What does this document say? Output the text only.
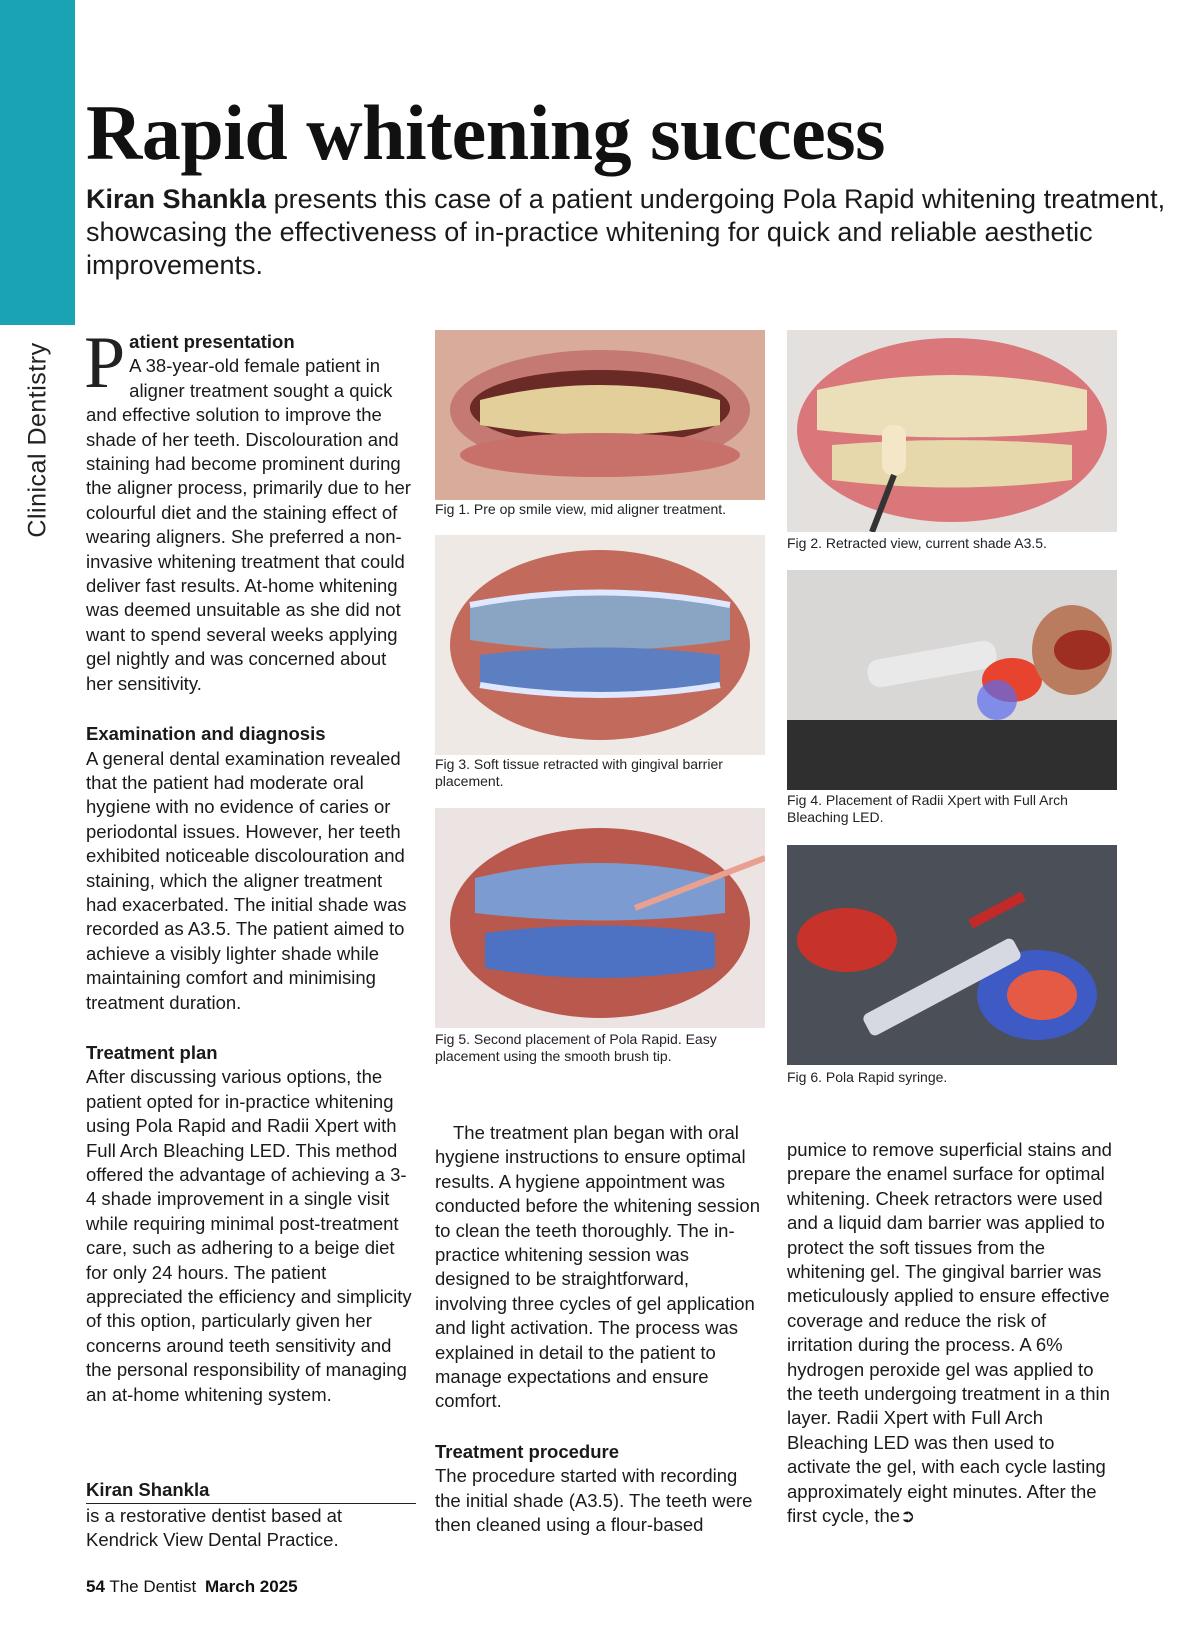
Clinical Dentistry
Rapid whitening success
Kiran Shankla presents this case of a patient undergoing Pola Rapid whitening treatment, showcasing the effectiveness of in-practice whitening for quick and reliable aesthetic improvements.
P atient presentation

A 38-year-old female patient in aligner treatment sought a quick and effective solution to improve the shade of her teeth. Discolouration and staining had become prominent during the aligner process, primarily due to her colourful diet and the staining effect of wearing aligners. She preferred a non-invasive whitening treatment that could deliver fast results. At-home whitening was deemed unsuitable as she did not want to spend several weeks applying gel nightly and was concerned about her sensitivity.

Examination and diagnosis

A general dental examination revealed that the patient had moderate oral hygiene with no evidence of caries or periodontal issues. However, her teeth exhibited noticeable discolouration and staining, which the aligner treatment had exacerbated. The initial shade was recorded as A3.5. The patient aimed to achieve a visibly lighter shade while maintaining comfort and minimising treatment duration.

Treatment plan

After discussing various options, the patient opted for in-practice whitening using Pola Rapid and Radii Xpert with Full Arch Bleaching LED. This method offered the advantage of achieving a 3-4 shade improvement in a single visit while requiring minimal post-treatment care, such as adhering to a beige diet for only 24 hours. The patient appreciated the efficiency and simplicity of this option, particularly given her concerns around teeth sensitivity and the personal responsibility of managing an at-home whitening system.

Kiran Shankla
is a restorative dentist based at Kendrick View Dental Practice.
Fig 1. Pre op smile view, mid aligner treatment.
Fig 3. Soft tissue retracted with gingival barrier placement.
Fig 5. Second placement of Pola Rapid. Easy placement using the smooth brush tip.
Fig 2. Retracted view, current shade A3.5.
Fig 4. Placement of Radii Xpert with Full Arch Bleaching LED.
Fig 6. Pola Rapid syringe.

The treatment plan began with oral hygiene instructions to ensure optimal results. A hygiene appointment was conducted before the whitening session to clean the teeth thoroughly. The in-practice whitening session was designed to be straightforward, involving three cycles of gel application and light activation. The process was explained in detail to the patient to manage expectations and ensure comfort.

Treatment procedure

The procedure started with recording the initial shade (A3.5). The teeth were then cleaned using a flour-based

pumice to remove superficial stains and prepare the enamel surface for optimal whitening. Cheek retractors were used and a liquid dam barrier was applied to protect the soft tissues from the whitening gel. The gingival barrier was meticulously applied to ensure effective coverage and reduce the risk of irritation during the process. A 6% hydrogen peroxide gel was applied to the teeth undergoing treatment in a thin layer. Radii Xpert with Full Arch Bleaching LED was then used to activate the gel, with each cycle lasting approximately eight minutes. After the first cycle, the➲

54 The Dentist March 2025
